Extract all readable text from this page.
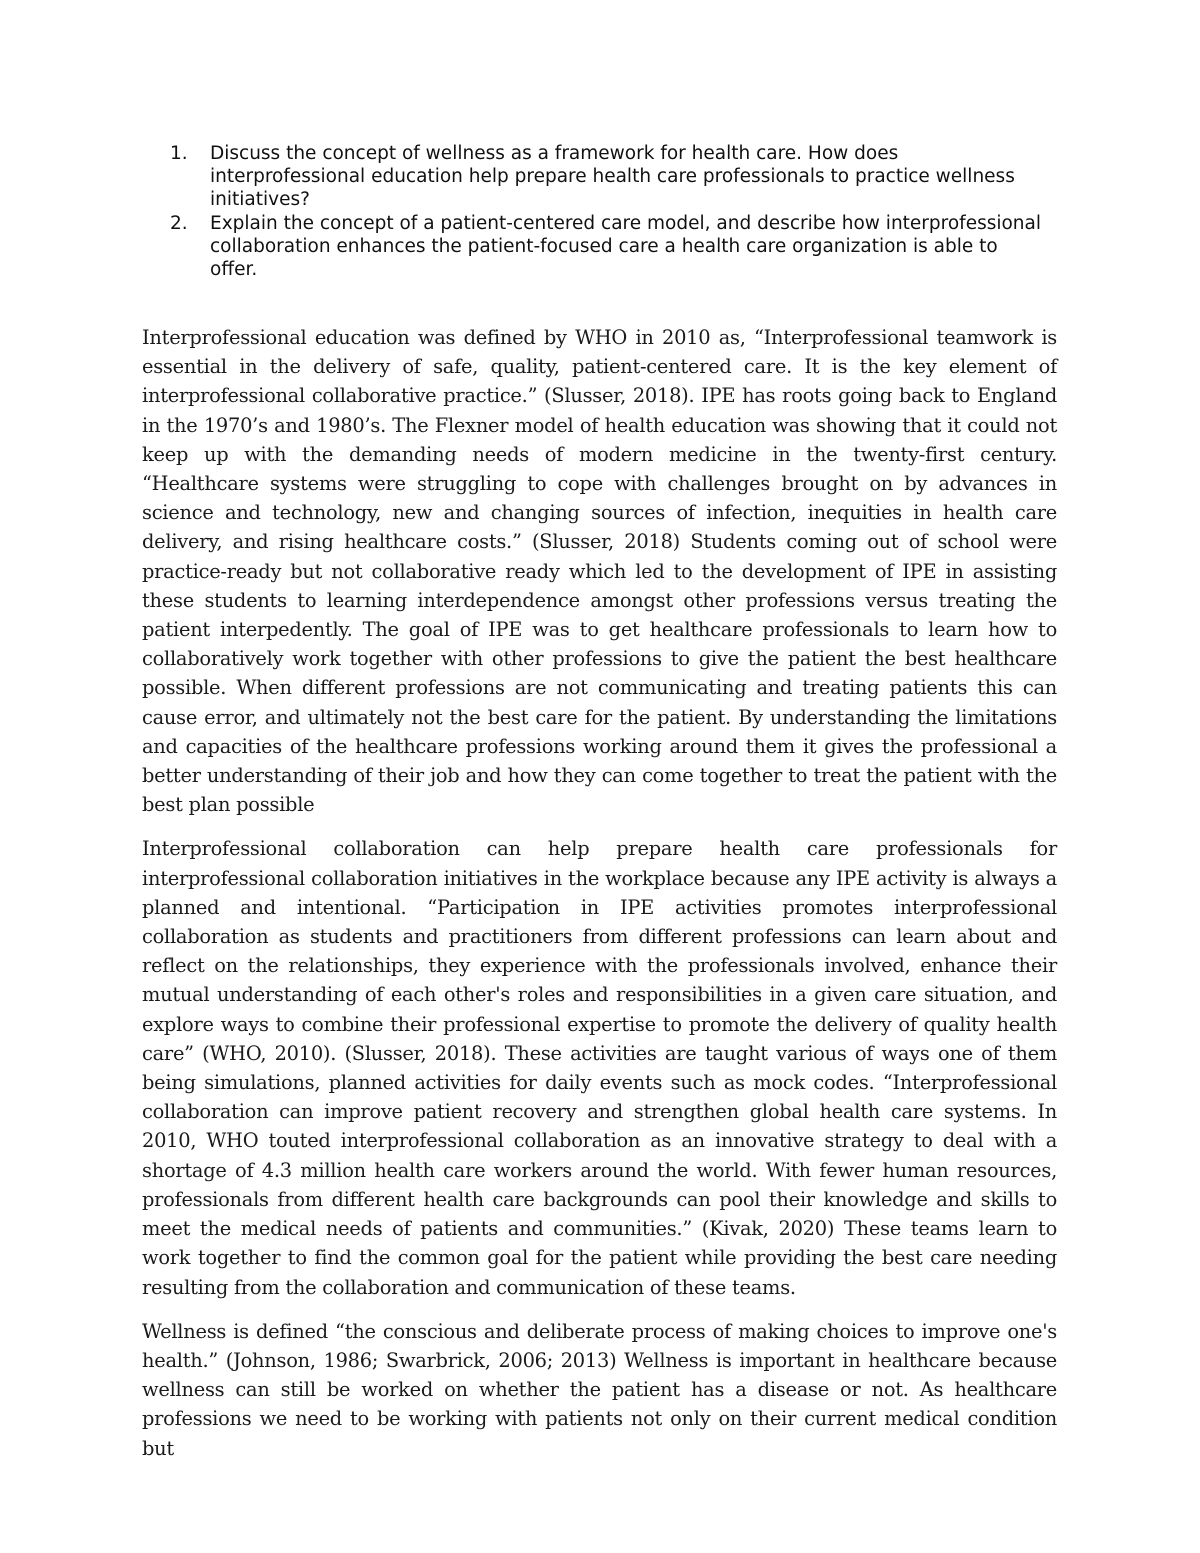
1.	Discuss the concept of wellness as a framework for health care. How does interprofessional education help prepare health care professionals to practice wellness initiatives?
2.	Explain the concept of a patient-centered care model, and describe how interprofessional collaboration enhances the patient-focused care a health care organization is able to offer.

Interprofessional education was defined by WHO in 2010 as, “Interprofessional teamwork is essential in the delivery of safe, quality, patient-centered care. It is the key element of interprofessional collaborative practice.” (Slusser, 2018). IPE has roots going back to England in the 1970’s and 1980’s. The Flexner model of health education was showing that it could not keep up with the demanding needs of modern medicine in the twenty-first century. “Healthcare systems were struggling to cope with challenges brought on by advances in science and technology, new and changing sources of infection, inequities in health care delivery, and rising healthcare costs.” (Slusser, 2018) Students coming out of school were practice-ready but not collaborative ready which led to the development of IPE in assisting these students to learning interdependence amongst other professions versus treating the patient interpedently. The goal of IPE was to get healthcare professionals to learn how to collaboratively work together with other professions to give the patient the best healthcare possible. When different professions are not communicating and treating patients this can cause error, and ultimately not the best care for the patient. By understanding the limitations and capacities of the healthcare professions working around them it gives the professional a better understanding of their job and how they can come together to treat the patient with the best plan possible

Interprofessional collaboration can help prepare health care professionals for interprofessional collaboration initiatives in the workplace because any IPE activity is always a planned and intentional. “Participation in IPE activities promotes interprofessional collaboration as students and practitioners from different professions can learn about and reflect on the relationships, they experience with the professionals involved, enhance their mutual understanding of each other's roles and responsibilities in a given care situation, and explore ways to combine their professional expertise to promote the delivery of quality health care” (WHO, 2010). (Slusser, 2018). These activities are taught various of ways one of them being simulations, planned activities for daily events such as mock codes. “Interprofessional collaboration can improve patient recovery and strengthen global health care systems. In 2010, WHO touted interprofessional collaboration as an innovative strategy to deal with a shortage of 4.3 million health care workers around the world. With fewer human resources, professionals from different health care backgrounds can pool their knowledge and skills to meet the medical needs of patients and communities.” (Kivak, 2020) These teams learn to work together to find the common goal for the patient while providing the best care needing resulting from the collaboration and communication of these teams.

Wellness is defined “the conscious and deliberate process of making choices to improve one's health.” (Johnson, 1986; Swarbrick, 2006; 2013) Wellness is important in healthcare because wellness can still be worked on whether the patient has a disease or not. As healthcare professions we need to be working with patients not only on their current medical condition but
